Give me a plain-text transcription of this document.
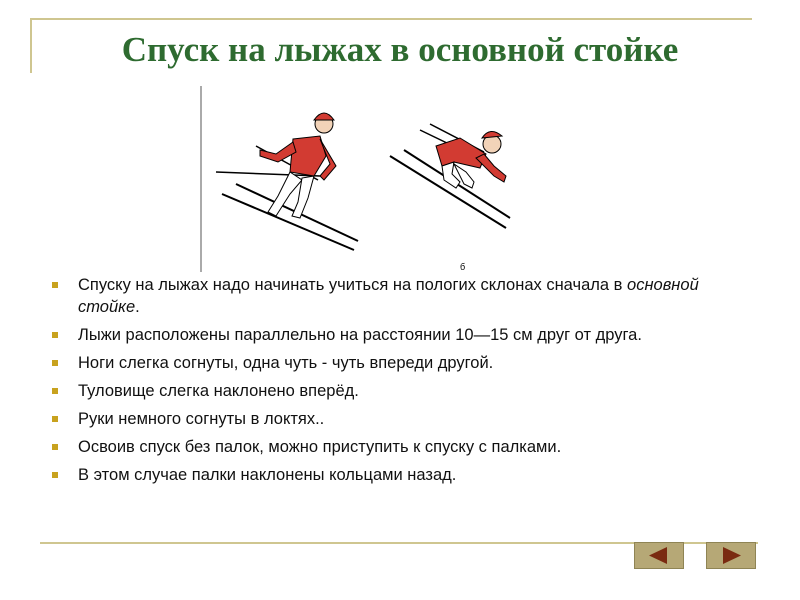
Спуск на лыжах в основной стойке
б
Спуску на лыжах надо начинать учиться на пологих склонах сначала в основной стойке.
Лыжи расположены параллельно на расстоянии 10—15 см друг от друга.
Ноги слегка согнуты, одна чуть - чуть впереди другой.
Туловище слегка наклонено вперёд.
Руки немного согнуты в локтях..
Освоив спуск без палок, можно приступить к спуску с палками.
В этом случае палки наклонены кольцами назад.
